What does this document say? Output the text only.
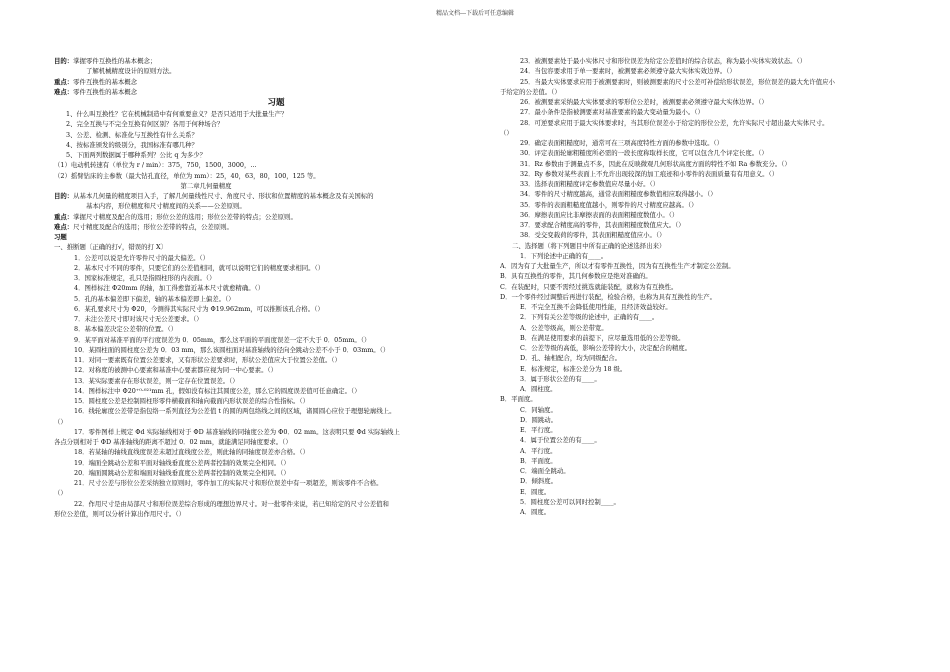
精品文档---下载后可任意编辑
目的：掌握零件互换性的基本概念；
了解机械精度设计的原则方法。
重点：零件互换性的基本概念
难点：零件互换性的基本概念
习题
1、什么叫互换性？它在机械制造中有何重要意义？是否只适用于大批量生产？
2、完全互换与不完全互换有何区别？各用于何种场合？
3、公差、检测、标准化与互换性有什么关系？
4、按标准颁发的级别分，我国标准有哪几种？
5、下面两列数据属于哪种系列？公比 q 为多少？
（1）电动机转速有（单位为 r / min）：375，750，1500，3000，...
（2）摇臂钻床的主参数（最大钻孔直径，单位为 mm）：25，40，63，80，100，125 等。
第二章几何量精度
目的：从基本几何量的精度项目入手，了解几何量线性尺寸、角度尺寸、形状和位置精度的基本概念及有关国标的
基本内容，形位精度和尺寸精度间的关系——公差原则。
重点：掌握尺寸精度及配合的选用；形位公差的选用；形位公差带的特点；公差原则。
难点：尺寸精度及配合的选用；形位公差带的特点，公差原则。
习题
一、推断题〔正确的打√，错误的打 X〕
1．公差可以说是允许零件尺寸的最大偏差。（）
2．基本尺寸不同的零件，只要它们的公差值相同，就可以说明它们的精度要求相同。（）
3．国家标准规定，孔只是指圆柱形的内表面。（）
4．图样标注 Φ20mm 的轴，加工得愈靠近基本尺寸就愈精确。（）
5．孔的基本偏差即下偏差，轴的基本偏差即上偏差。（）
6．某孔要求尺寸为 Φ20，今测得其实际尺寸为 Φ19.962mm，可以推断该孔合格。（）
7．未注公差尺寸即对该尺寸无公差要求。（）
8．基本偏差决定公差带的位置。（）
9．某平面对基准平面的平行度误差为 0．05mm，那么这平面的平面度误差一定不大于 0．05mm。（）
10．某圆柱面的圆柱度公差为 0．03 mm，那么该圆柱面对基准轴线的径向全跳动公差不小于 0．03mm。（）
11．对同一要素既有位置公差要求，又有形状公差要求时，形状公差值应大于位置公差值。（）
12．对称度的被测中心要素和基准中心要素都应视为同一中心要素。（）
13．某实际要素存在形状误差，则一定存在位置误差。（）
14．图样标注中 Φ20⁺⁰·⁰²¹mm 孔，假如没有标注其圆度公差，那么它的圆度误差值可任意确定。（）
15．圆柱度公差是控制圆柱形零件横截面和轴向截面内形状误差的综合性指标。（）
16．线轮廓度公差带是指包络一系列直径为公差值 t 的圆的两包络线之间的区域，诸圆圆心应位于理想轮廓线上。
（）
17．零件图样上规定 Φd 实际轴线相对于 ΦD 基准轴线的同轴度公差为 Φ0．02 mm。这表明只要 Φd 实际轴线上
各点分别相对于 ΦD 基准轴线的距离不超过 0．02 mm，就能满足同轴度要求。（）
18．若某轴的轴线直线度误差未超过直线度公差，则此轴的同轴度误差亦合格。（）
19．端面全跳动公差和平面对轴线垂直度公差两者控制的效果完全相同。（）
20．端面圆跳动公差和端面对轴线垂直度公差两者控制的效果完全相同。（）
21．尺寸公差与形位公差采纳独立原则时，零件加工的实际尺寸和形位误差中有一项超差，则该零件不合格。
（）
22．作用尺寸是由局部尺寸和形位误差综合形成的理想边界尺寸。对一批零件来说，若已知给定的尺寸公差值和
形位公差值，则可以分析计算出作用尺寸。（）
23．被测要素处于最小实体尺寸和形位误差为给定公差值时的综合状态，称为最小实体实效状态。（）
24．当包容要求用于单一要素时，被测要素必须遵守最大实体实效边界。（）
25．当最大实体要求应用于被测要素时，则被测要素的尺寸公差可补偿给形状误差，形位误差的最大允许值应小
于给定的公差值。（）
26．被测要素采纳最大实体要求的零形位公差时，被测要素必须遵守最大实体边界。（）
27．最小条件是指被测要素对基准要素的最大变动量为最小。（）
28．可逆要求应用于最大实体要求时，当其形位误差小于给定的形位公差，允许实际尺寸超出最大实体尺寸。
（）
29．确定表面粗糙度时，通常可在三项高度特性方面的参数中选取。（）
30．评定表面轮廓粗糙度所必需的一段长度称取样长度，它可以包含几个评定长度。（）
31．Rz 参数由于测量点不多，因此在反映微观几何形状高度方面的特性不如 Ra 参数充分。（）
32．Ry 参数对某些表面上不允许出现较深的加工痕迹和小零件的表面质量有有用意义。（）
33．选择表面粗糙度评定参数值应尽量小好。（）
34．零件的尺寸精度越高，通常表面粗糙度参数值相应取得越小。（）
35．零件的表面粗糙度值越小，则零件的尺寸精度应越高。（）
36．摩擦表面应比非摩擦表面的表面粗糙度数值小。（）
37．要求配合精度高的零件，其表面粗糙度数值应大。（）
38．受交变载荷的零件，其表面粗糙度值应小。（）
二、选择题（将下列题目中所有正确的论述选择出来）
1．下列论述中正确的有____。
A．因为有了大批量生产，所以才有零件互换性，因为有互换性生产才制定公差制。
B．具有互换性的零件，其几何参数应是绝对准确的。
C．在装配时，只要不需经过挑选就能装配，就称为有互换性。
D．一个零件经过调整后再进行装配，检验合格，也称为具有互换性的生产。
E．不完全互换不会降低使用性能，且经济效益较好。
2．下列有关公差等级的论述中，正确的有____。
A．公差等级高，则公差带宽。
B．在满足使用要求的前提下，应尽量选用低的公差等级。
C．公差等级的高低，影响公差带的大小，决定配合的精度。
D．孔、轴相配合，均为同级配合。
E．标准规定，标准公差分为 18 级。
3．属于形状公差的有____。
A．圆柱度。
B．平面度。
C．同轴度。
D．圆跳动。
E．平行度。
4．属于位置公差的有____。
A．平行度。
B．平面度。
C．端面全跳动。
D．倾斜度。
E．圆度。
5．圆柱度公差可以同时控制____。
A．圆度。
